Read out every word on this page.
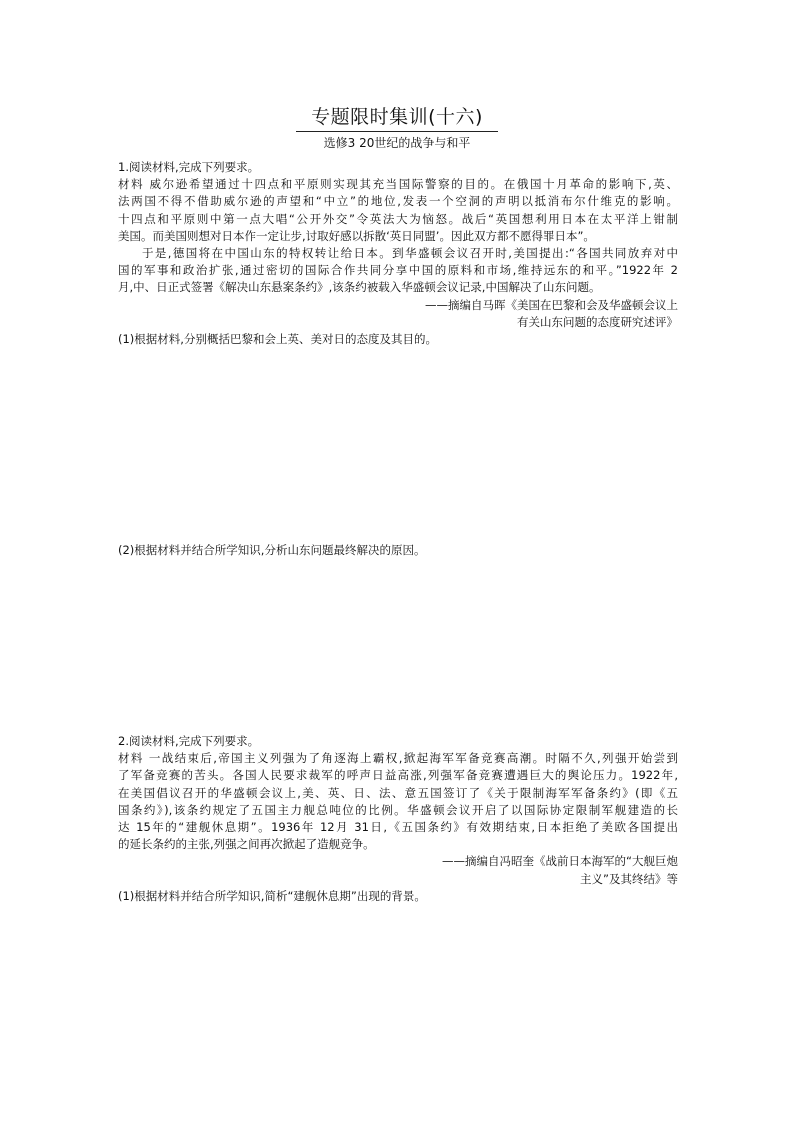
专题限时集训(十六)
选修3 20世纪的战争与和平
1.阅读材料,完成下列要求。
材料 威尔逊希望通过十四点和平原则实现其充当国际警察的目的。在俄国十月革命的影响下,英、
法两国不得不借助威尔逊的声望和“中立”的地位,发表一个空洞的声明以抵消布尔什维克的影响。
十四点和平原则中第一点大唱“公开外交”令英法大为恼怒。战后“英国想利用日本在太平洋上钳制
美国。而美国则想对日本作一定让步,讨取好感以拆散‘英日同盟’。因此双方都不愿得罪日本”。
于是,德国将在中国山东的特权转让给日本。到华盛顿会议召开时,美国提出:“各国共同放弃对中
国的军事和政治扩张,通过密切的国际合作共同分享中国的原料和市场,维持远东的和平。”1922年 2
月,中、日正式签署《解决山东悬案条约》,该条约被载入华盛顿会议记录,中国解决了山东问题。
——摘编自马晖《美国在巴黎和会及华盛顿会议上
有关山东问题的态度研究述评》
(1)根据材料,分别概括巴黎和会上英、美对日的态度及其目的。
(2)根据材料并结合所学知识,分析山东问题最终解决的原因。
2.阅读材料,完成下列要求。
材料 一战结束后,帝国主义列强为了角逐海上霸权,掀起海军军备竞赛高潮。时隔不久,列强开始尝到
了军备竞赛的苦头。各国人民要求裁军的呼声日益高涨,列强军备竞赛遭遇巨大的舆论压力。1922年,
在美国倡议召开的华盛顿会议上,美、英、日、法、意五国签订了《关于限制海军军备条约》(即《五
国条约》),该条约规定了五国主力舰总吨位的比例。华盛顿会议开启了以国际协定限制军舰建造的长
达 15年的“建舰休息期”。1936年 12月 31日,《五国条约》有效期结束,日本拒绝了美欧各国提出
的延长条约的主张,列强之间再次掀起了造舰竞争。
——摘编自冯昭奎《战前日本海军的“大舰巨炮
主义”及其终结》等
(1)根据材料并结合所学知识,简析“建舰休息期”出现的背景。
